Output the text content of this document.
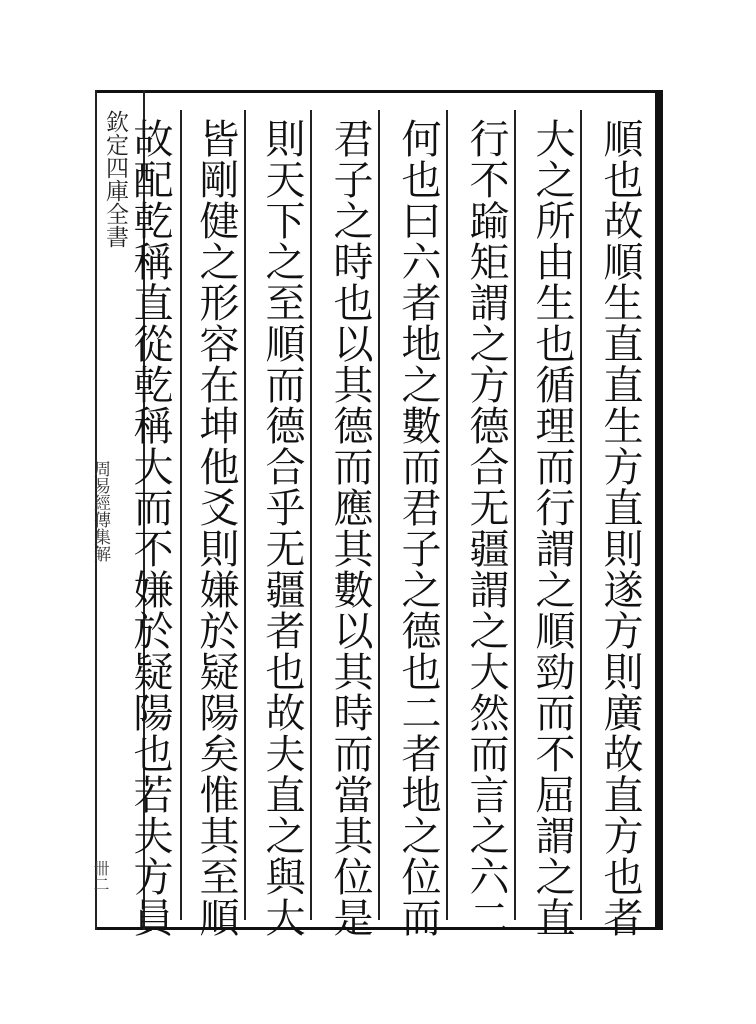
欽定四庫全書
周易經傳集解
卌二	順也故順生直直生方直則遂方則廣故直方也者
大之所由生也循理而行謂之順勁而不屈謂之直
行不踰矩謂之方德合无疆謂之大然而言之六二
何也曰六者地之數而君子之德也二者地之位而
君子之時也以其德而應其數以其時而當其位是
則天下之至順而德合乎无疆者也故夫直之與大
皆剛健之形容在坤他爻則嫌於疑陽矣惟其至順
故配乾稱直從乾稱大而不嫌於疑陽也若夫方員
